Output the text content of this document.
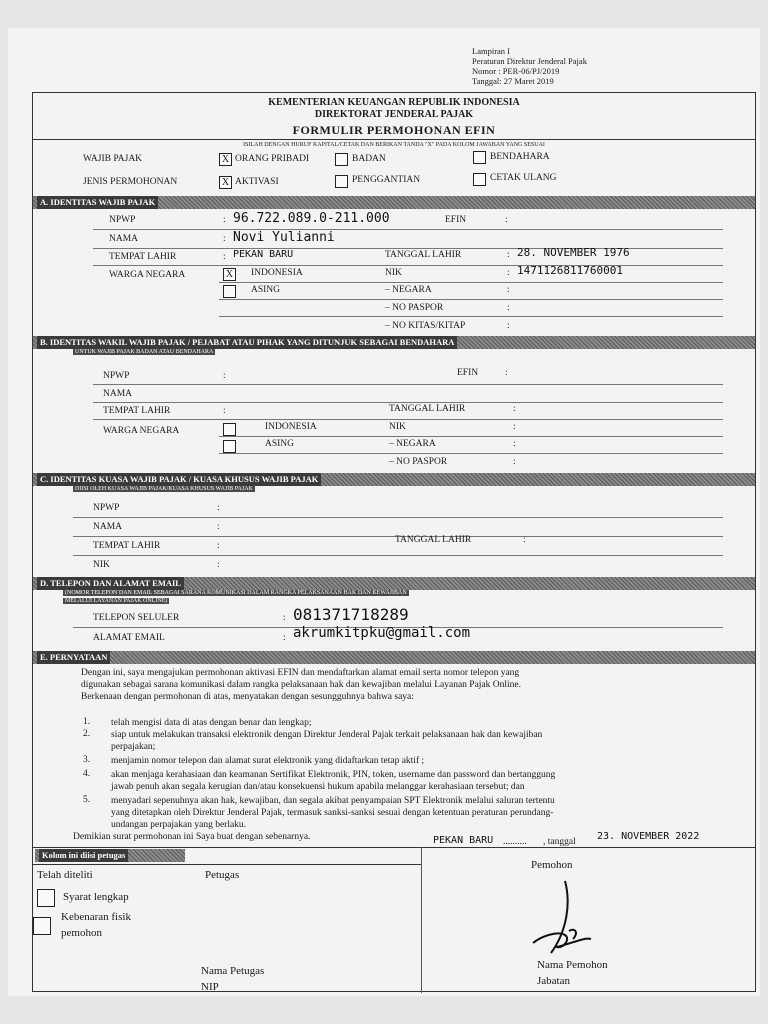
Lampiran I
Peraturan Direktur Jenderal Pajak
Nomor : PER-06/PJ/2019
Tanggal: 27 Maret 2019
KEMENTERIAN KEUANGAN REPUBLIK INDONESIA
DIREKTORAT JENDERAL PAJAK
FORMULIR PERMOHONAN EFIN
ISILAH DENGAN HURUF KAPITAL/CETAK DAN BERIKAN TANDA "X" PADA KOLOM JAWABAN YANG SESUAI
WAJIB PAJAK	X ORANG PRIBADI	BADAN	BENDAHARA
JENIS PERMOHONAN	X AKTIVASI	PENGGANTIAN	CETAK ULANG
A. IDENTITAS WAJIB PAJAK
NPWP	: 96.722.089.0-211.000	EFIN	:
NAMA	: Novi Yulianni
TEMPAT LAHIR	: PEKAN BARU	TANGGAL LAHIR	: 28. NOVEMBER 1976
WARGA NEGARA	X	INDONESIA	NIK	: 1471126811760001
ASING	– NEGARA	:
– NO PASPOR	:
– NO KITAS/KITAP	:
B. IDENTITAS WAKIL WAJIB PAJAK / PEJABAT ATAU PIHAK YANG DITUNJUK SEBAGAI BENDAHARA
UNTUK WAJIB PAJAK BADAN ATAU BENDAHARA
NPWP	:	EFIN	:
NAMA
TEMPAT LAHIR	:	TANGGAL LAHIR	:
WARGA NEGARA	INDONESIA	NIK	:
ASING	– NEGARA	:
– NO PASPOR	:
C. IDENTITAS KUASA WAJIB PAJAK / KUASA KHUSUS WAJIB PAJAK
DIISI OLEH KUASA WAJIB PAJAK/KUASA KHUSUS WAJIB PAJAK
NPWP	:
NAMA	:
TEMPAT LAHIR	:
TANGGAL LAHIR	:
NIK	:
D. TELEPON DAN ALAMAT EMAIL
(NOMOR TELEPON DAN EMAIL SEBAGAI SARANA KOMUNIKASI DALAM RANGKA PELAKSANAAN HAK DAN KEWAJIBAN
MELALUI LAYANAN PAJAK ONLINE)
TELEPON SELULER	: 081371718289
ALAMAT EMAIL	: akrumkitpku@gmail.com
E. PERNYATAAN
Dengan ini, saya mengajukan permohonan aktivasi EFIN dan mendaftarkan alamat email serta nomor telepon yang
digunakan sebagai sarana komunikasi dalam rangka pelaksanaan hak dan kewajiban melalui Layanan Pajak Online.
Berkenaan dengan permohonan di atas, menyatakan dengan sesungguhnya bahwa saya:
1. telah mengisi data di atas dengan benar dan lengkap;
2. siap untuk melakukan transaksi elektronik dengan Direktur Jenderal Pajak terkait pelaksanaan hak dan kewajiban
perpajakan;
3. menjamin nomor telepon dan alamat surat elektronik yang didaftarkan tetap aktif ;
4. akan menjaga kerahasiaan dan keamanan Sertifikat Elektronik, PIN, token, username dan password dan bertanggung
jawab penuh akan segala kerugian dan/atau konsekuensi hukum apabila melanggar kerahasiaan tersebut; dan
5. menyadari sepenuhnya akan hak, kewajiban, dan segala akibat penyampaian SPT Elektronik melalui saluran tertentu
yang ditetapkan oleh Direktur Jenderal Pajak, termasuk sanksi-sanksi sesuai dengan ketentuan peraturan perundang-
undangan perpajakan yang berlaku.
Demikian surat permohonan ini Saya buat dengan sebenarnya.	PEKAN BARU .......... , tanggal 23. NOVEMBER 2022
Kolom ini diisi petugas
Telah diteliti	Petugas
Syarat lengkap
Kebenaran fisik
pemohon
Nama Petugas
NIP
Pemohon
Nama Pemohon
Jabatan
